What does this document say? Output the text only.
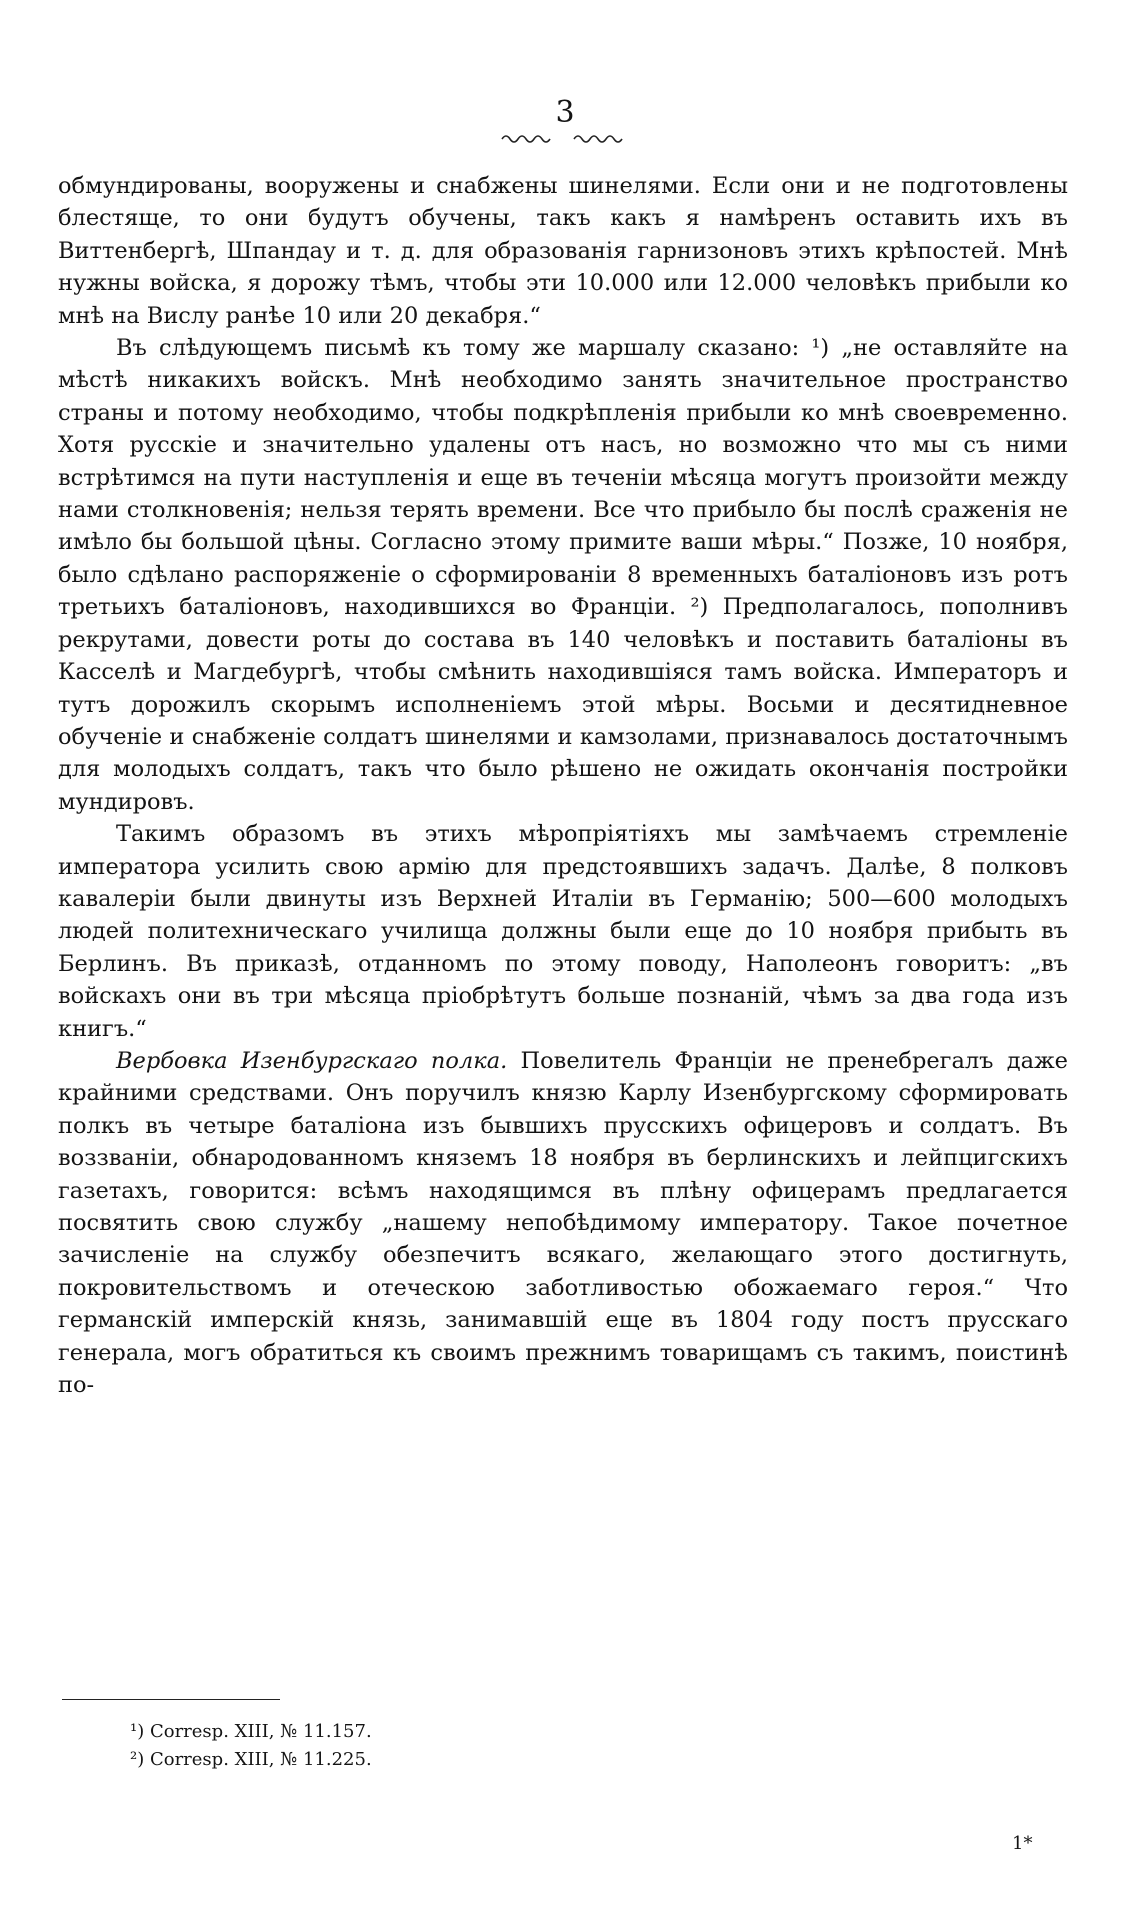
3

обмундированы, вооружены и снабжены шинелями. Если они и не подготовлены блестяще, то они будутъ обучены, такъ какъ я намѣренъ оставить ихъ въ Виттенбергѣ, Шпандау и т. д. для образованія гарнизоновъ этихъ крѣпостей. Мнѣ нужны войска, я дорожу тѣмъ, чтобы эти 10.000 или 12.000 человѣкъ прибыли ко мнѣ на Вислу ранѣе 10 или 20 декабря.“

Въ слѣдующемъ письмѣ къ тому же маршалу сказано: ¹) „не оставляйте на мѣстѣ никакихъ войскъ. Мнѣ необходимо занять значительное пространство страны и потому необходимо, чтобы подкрѣпленія прибыли ко мнѣ своевременно. Хотя русскіе и значительно удалены отъ насъ, но возможно что мы съ ними встрѣтимся на пути наступленія и еще въ теченіи мѣсяца могутъ произойти между нами столкновенія; нельзя терять времени. Все что прибыло бы послѣ сраженія не имѣло бы большой цѣны. Согласно этому примите ваши мѣры.“ Позже, 10 ноября, было сдѣлано распоряженіе о сформированіи 8 временныхъ баталіоновъ изъ ротъ третьихъ баталіоновъ, находившихся во Франціи. ²) Предполагалось, пополнивъ рекрутами, довести роты до состава въ 140 человѣкъ и поставить баталіоны въ Касселѣ и Магдебургѣ, чтобы смѣнить находившіяся тамъ войска. Императоръ и тутъ дорожилъ скорымъ исполненіемъ этой мѣры. Восьми и десятидневное обученіе и снабженіе солдатъ шинелями и камзолами, признавалось достаточнымъ для молодыхъ солдатъ, такъ что было рѣшено не ожидать окончанія постройки мундировъ.

Такимъ образомъ въ этихъ мѣропріятіяхъ мы замѣчаемъ стремленіе императора усилить свою армію для предстоявшихъ задачъ. Далѣе, 8 полковъ кавалеріи были двинуты изъ Верхней Италіи въ Германію; 500—600 молодыхъ людей политехническаго училища должны были еще до 10 ноября прибыть въ Берлинъ. Въ приказѣ, отданномъ по этому поводу, Наполеонъ говоритъ: „въ войскахъ они въ три мѣсяца пріобрѣтутъ больше познаній, чѣмъ за два года изъ книгъ.“

Вербовка Изенбургскаго полка. Повелитель Франціи не пренебрегалъ даже крайними средствами. Онъ поручилъ князю Карлу Изенбургскому сформировать полкъ въ четыре баталіона изъ бывшихъ прусскихъ офицеровъ и солдатъ. Въ воззваніи, обнародованномъ княземъ 18 ноября въ берлинскихъ и лейпцигскихъ газетахъ, говорится: всѣмъ находящимся въ плѣну офицерамъ предлагается посвятить свою службу „нашему непобѣдимому императору. Такое почетное зачисленіе на службу обезпечитъ всякаго, желающаго этого достигнуть, покровительствомъ и отеческою заботливостью обожаемаго героя.“ Что германскій имперскій князь, занимавшій еще въ 1804 году постъ прусскаго генерала, могъ обратиться къ своимъ прежнимъ товарищамъ съ такимъ, поистинѣ по-

¹) Corresp. XIII, № 11.157.

²) Corresp. XIII, № 11.225.

1*
